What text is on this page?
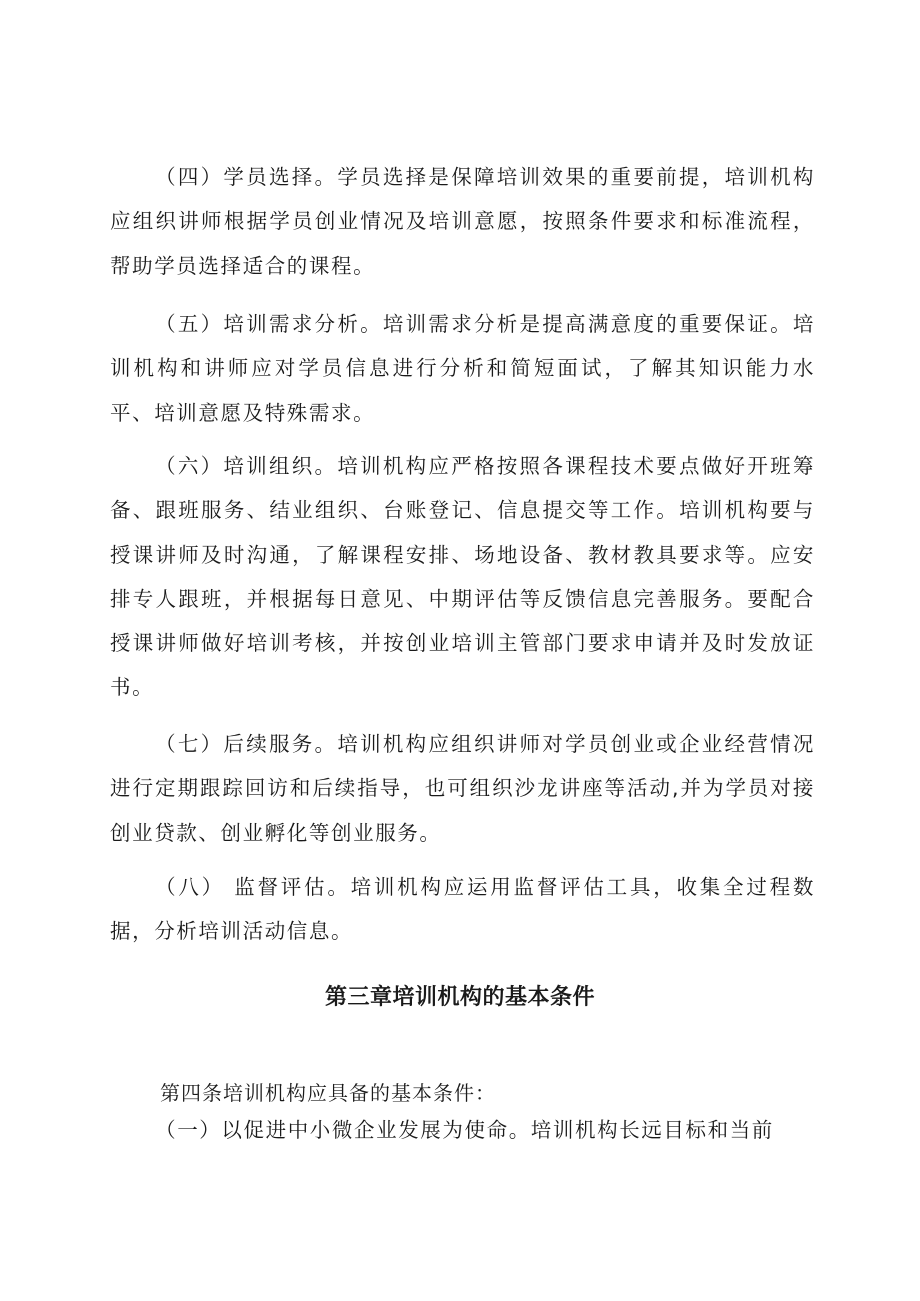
（四）学员选择。学员选择是保障培训效果的重要前提，培训机构应组织讲师根据学员创业情况及培训意愿，按照条件要求和标准流程，帮助学员选择适合的课程。

（五）培训需求分析。培训需求分析是提高满意度的重要保证。培训机构和讲师应对学员信息进行分析和简短面试，了解其知识能力水平、培训意愿及特殊需求。

（六）培训组织。培训机构应严格按照各课程技术要点做好开班筹备、跟班服务、结业组织、台账登记、信息提交等工作。培训机构要与授课讲师及时沟通，了解课程安排、场地设备、教材教具要求等。应安排专人跟班，并根据每日意见、中期评估等反馈信息完善服务。要配合授课讲师做好培训考核，并按创业培训主管部门要求申请并及时发放证书。

（七）后续服务。培训机构应组织讲师对学员创业或企业经营情况进行定期跟踪回访和后续指导，也可组织沙龙讲座等活动,并为学员对接创业贷款、创业孵化等创业服务。

（八） 监督评估。培训机构应运用监督评估工具，收集全过程数据，分析培训活动信息。

第三章培训机构的基本条件

第四条培训机构应具备的基本条件：

（一）以促进中小微企业发展为使命。培训机构长远目标和当前
